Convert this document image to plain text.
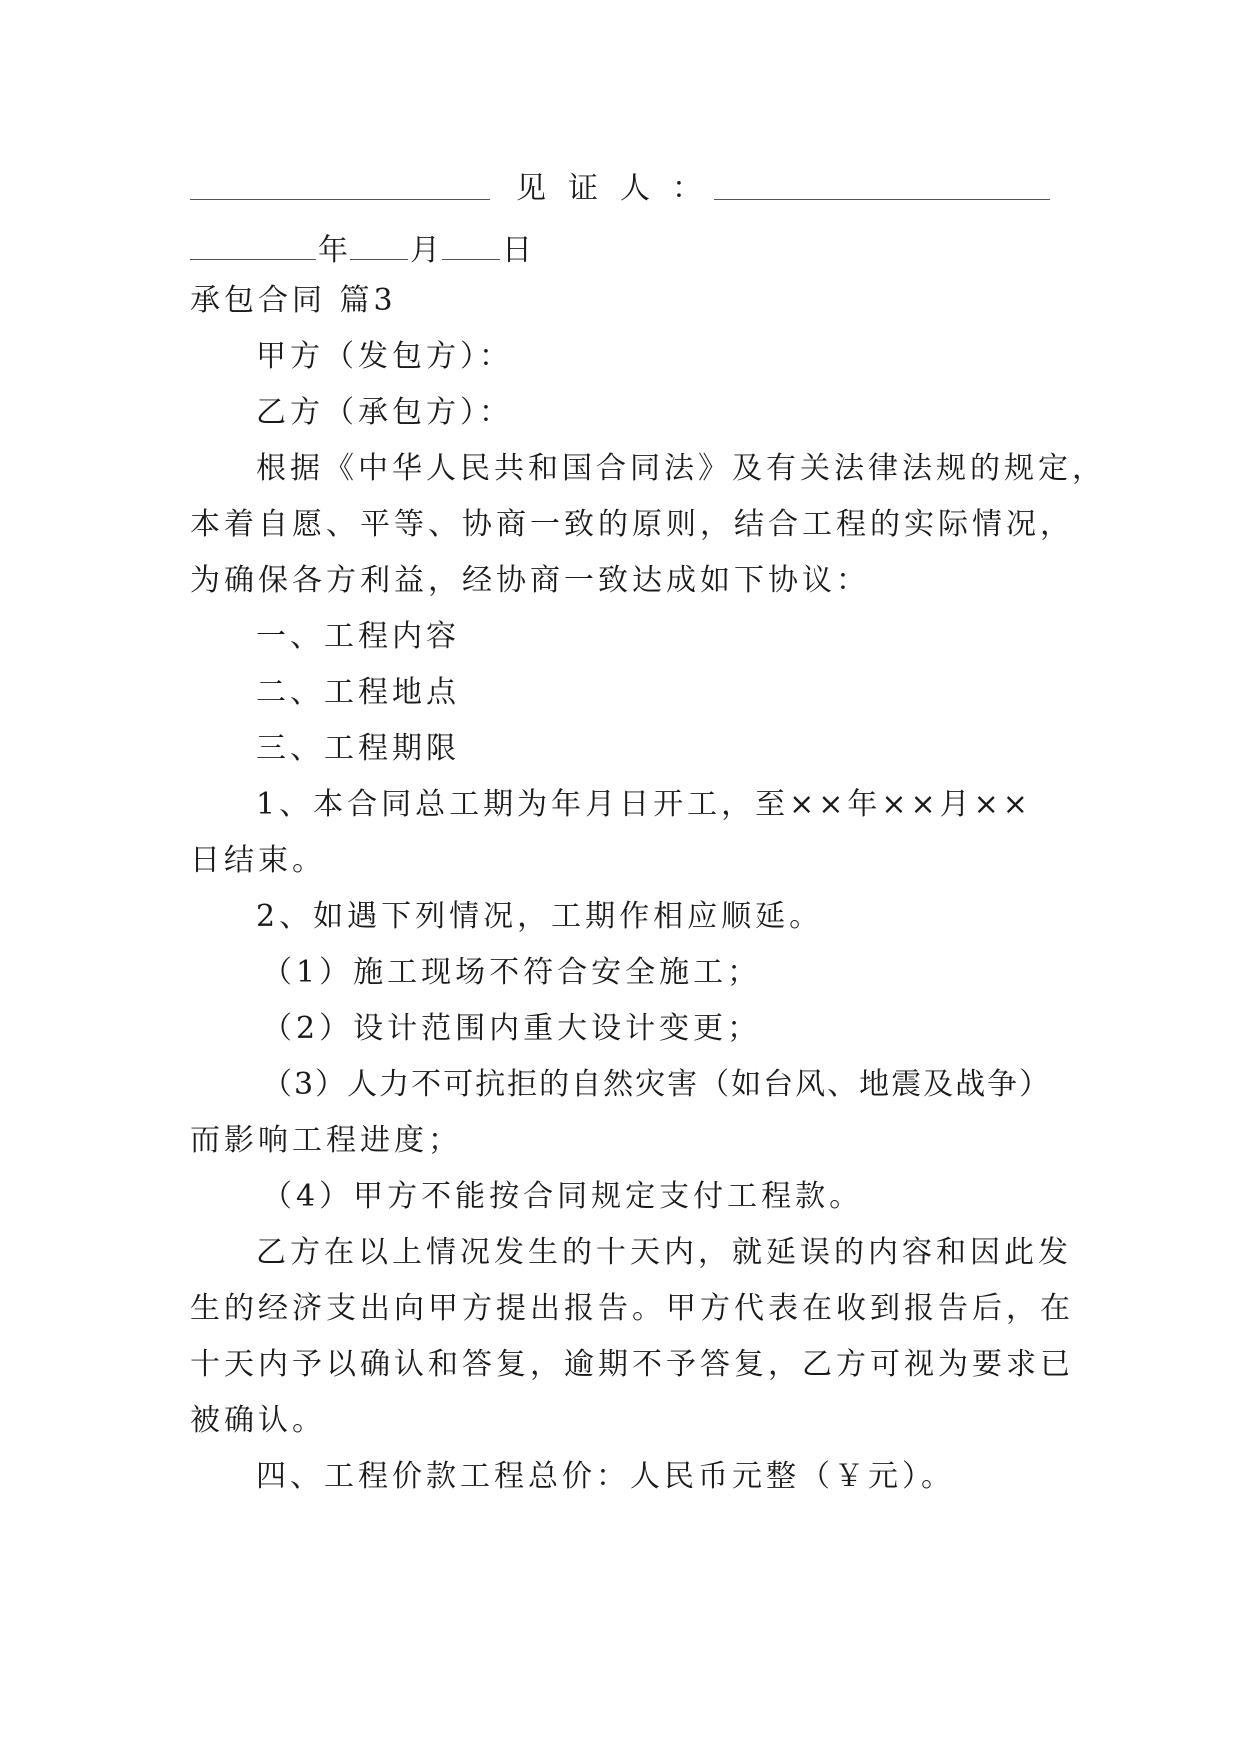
见证人：
年 月 日
承包合同 篇3
甲方（发包方）：
乙方（承包方）：
根据《中华人民共和国合同法》及有关法律法规的规定，
本着自愿、平等、协商一致的原则，结合工程的实际情况，
为确保各方利益，经协商一致达成如下协议：
一、工程内容
二、工程地点
三、工程期限
1、本合同总工期为年月日开工，至××年××月××
日结束。
2、如遇下列情况，工期作相应顺延。
（1）施工现场不符合安全施工；
（2）设计范围内重大设计变更；
（3）人力不可抗拒的自然灾害（如台风、地震及战争）
而影响工程进度；
（4）甲方不能按合同规定支付工程款。
乙方在以上情况发生的十天内，就延误的内容和因此发
生的经济支出向甲方提出报告。甲方代表在收到报告后，在
十天内予以确认和答复，逾期不予答复，乙方可视为要求已
被确认。
四、工程价款工程总价：人民币元整（￥元）。
